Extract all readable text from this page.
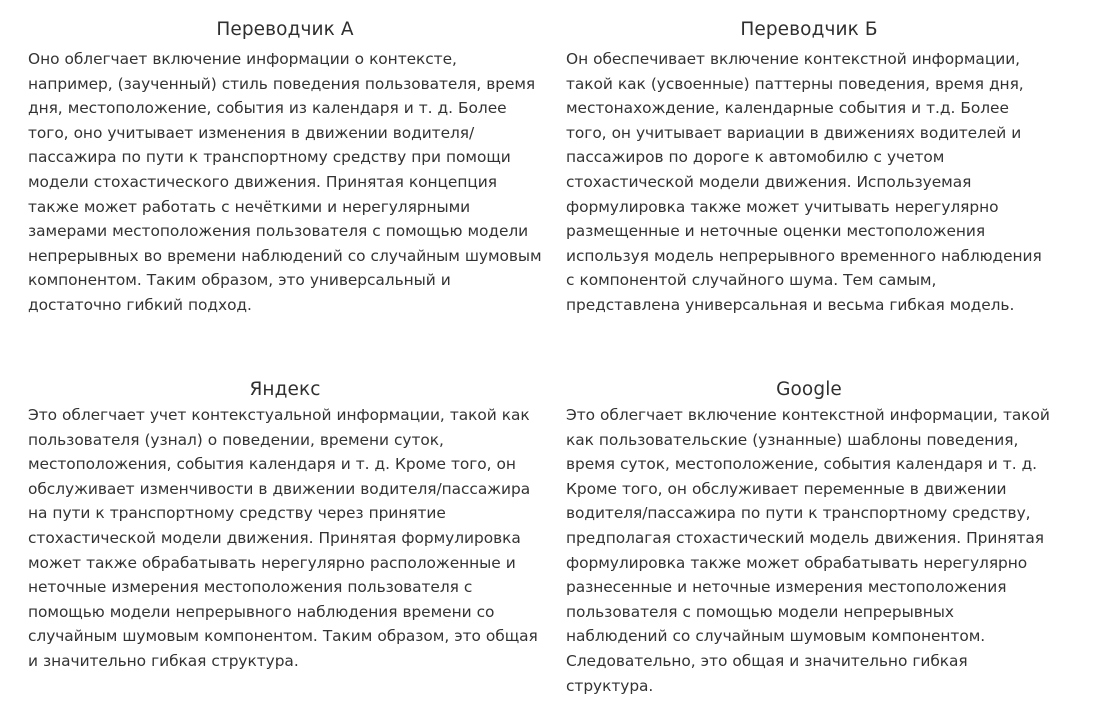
Переводчик А

Оно облегчает включение информации о контексте, например, (заученный) стиль поведения пользователя, время дня, местоположение, события из календаря и т. д. Более того, оно учитывает изменения в движении водителя/пассажира по пути к транспортному средству при помощи модели стохастического движения. Принятая концепция также может работать с нечёткими и нерегулярными замерами местоположения пользователя с помощью модели непрерывных во времени наблюдений со случайным шумовым компонентом. Таким образом, это универсальный и достаточно гибкий подход.

Переводчик Б

Он обеспечивает включение контекстной информации, такой как (усвоенные) паттерны поведения, время дня, местонахождение, календарные события и т.д. Более того, он учитывает вариации в движениях водителей и пассажиров по дороге к автомобилю с учетом стохастической модели движения. Используемая формулировка также может учитывать нерегулярно размещенные и неточные оценки местоположения используя модель непрерывного временного наблюдения с компонентой случайного шума. Тем самым, представлена универсальная и весьма гибкая модель.

Яндекс

Это облегчает учет контекстуальной информации, такой как пользователя (узнал) о поведении, времени суток, местоположения, события календаря и т. д. Кроме того, он обслуживает изменчивости в движении водителя/пассажира на пути к транспортному средству через принятие стохастической модели движения. Принятая формулировка может также обрабатывать нерегулярно расположенные и неточные измерения местоположения пользователя с помощью модели непрерывного наблюдения времени со случайным шумовым компонентом. Таким образом, это общая и значительно гибкая структура.

Google

Это облегчает включение контекстной информации, такой как пользовательские (узнанные) шаблоны поведения, время суток, местоположение, события календаря и т. д. Кроме того, он обслуживает переменные в движении водителя/пассажира по пути к транспортному средству, предполагая стохастический модель движения. Принятая формулировка также может обрабатывать нерегулярно разнесенные и неточные измерения местоположения пользователя с помощью модели непрерывных наблюдений со случайным шумовым компонентом. Следовательно, это общая и значительно гибкая структура.
